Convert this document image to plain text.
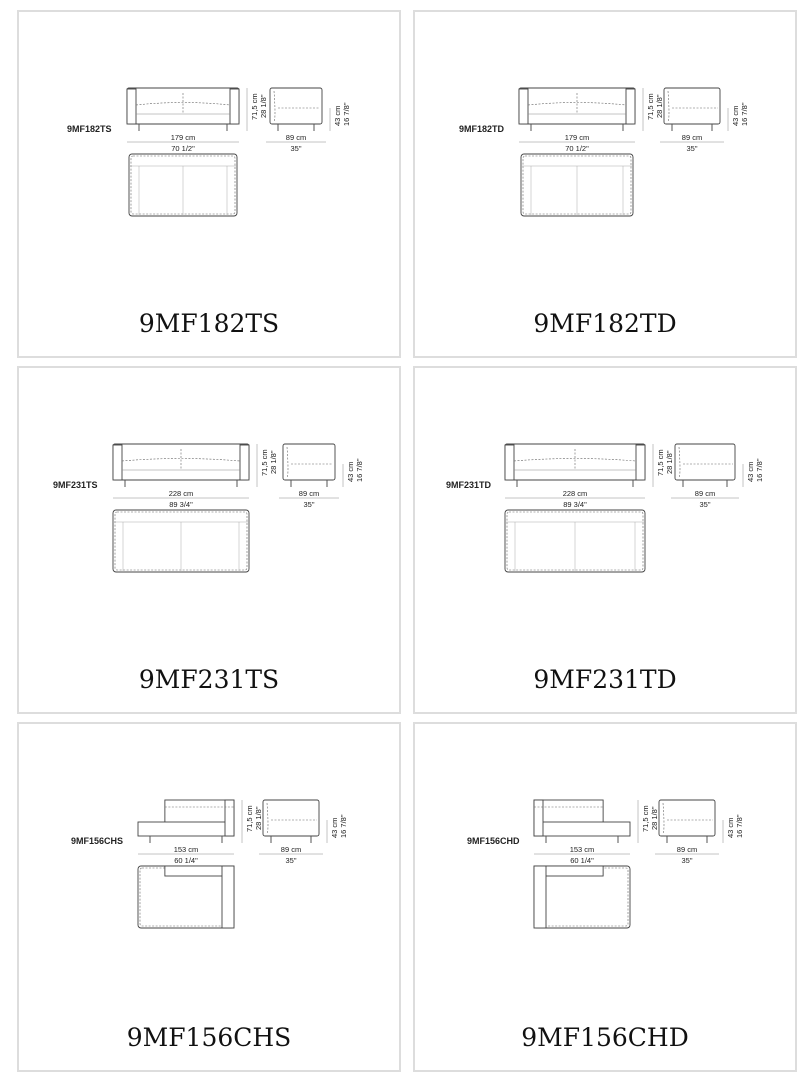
9MF182TS
71,5 cm 28 1/8"
179 cm
70 1/2"
43 cm 16 7/8"
89 cm
35"
9MF182TS
9MF182TD
71,5 cm 28 1/8"
179 cm
70 1/2"
43 cm 16 7/8"
89 cm
35"
9MF182TD
9MF231TS
71,5 cm 28 1/8"
228 cm
89 3/4"
43 cm 16 7/8"
89 cm
35"
9MF231TS
9MF231TD
71,5 cm 28 1/8"
228 cm
89 3/4"
43 cm 16 7/8"
89 cm
35"
9MF231TD
9MF156CHS
71,5 cm 28 1/8"
153 cm
60 1/4"
43 cm 16 7/8"
89 cm
35"
9MF156CHS
9MF156CHD
71,5 cm 28 1/8"
153 cm
60 1/4"
43 cm 16 7/8"
89 cm
35"
9MF156CHD
